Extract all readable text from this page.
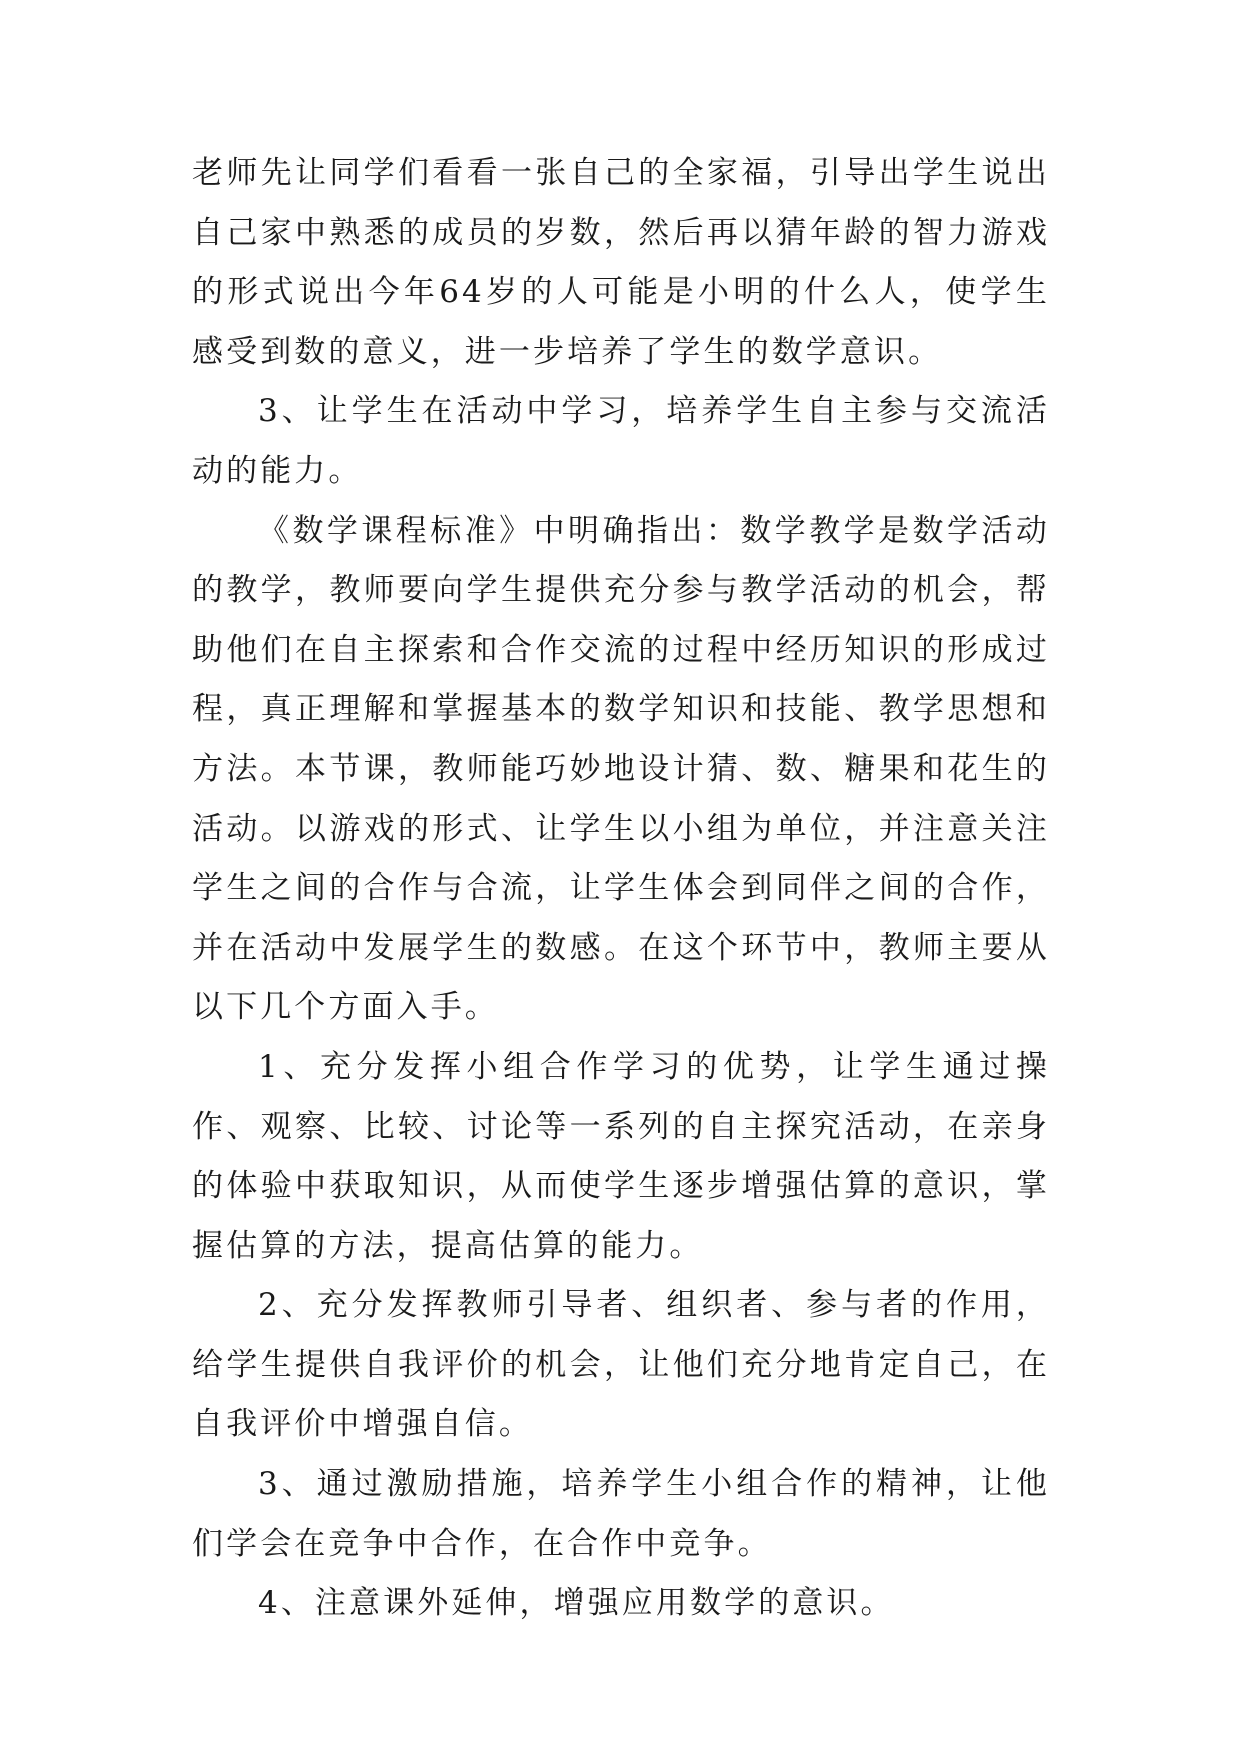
老师先让同学们看看一张自己的全家福，引导出学生说出自己家中熟悉的成员的岁数，然后再以猜年龄的智力游戏的形式说出今年64岁的人可能是小明的什么人，使学生感受到数的意义，进一步培养了学生的数学意识。

3、让学生在活动中学习，培养学生自主参与交流活动的能力。

《数学课程标准》中明确指出：数学教学是数学活动的教学，教师要向学生提供充分参与教学活动的机会，帮助他们在自主探索和合作交流的过程中经历知识的形成过程，真正理解和掌握基本的数学知识和技能、教学思想和方法。本节课，教师能巧妙地设计猜、数、糖果和花生的活动。以游戏的形式、让学生以小组为单位，并注意关注学生之间的合作与合流，让学生体会到同伴之间的合作，并在活动中发展学生的数感。在这个环节中，教师主要从以下几个方面入手。

1、充分发挥小组合作学习的优势，让学生通过操作、观察、比较、讨论等一系列的自主探究活动，在亲身的体验中获取知识，从而使学生逐步增强估算的意识，掌握估算的方法，提高估算的能力。

2、充分发挥教师引导者、组织者、参与者的作用，给学生提供自我评价的机会，让他们充分地肯定自己，在自我评价中增强自信。

3、通过激励措施，培养学生小组合作的精神，让他们学会在竞争中合作，在合作中竞争。

4、注意课外延伸，增强应用数学的意识。
